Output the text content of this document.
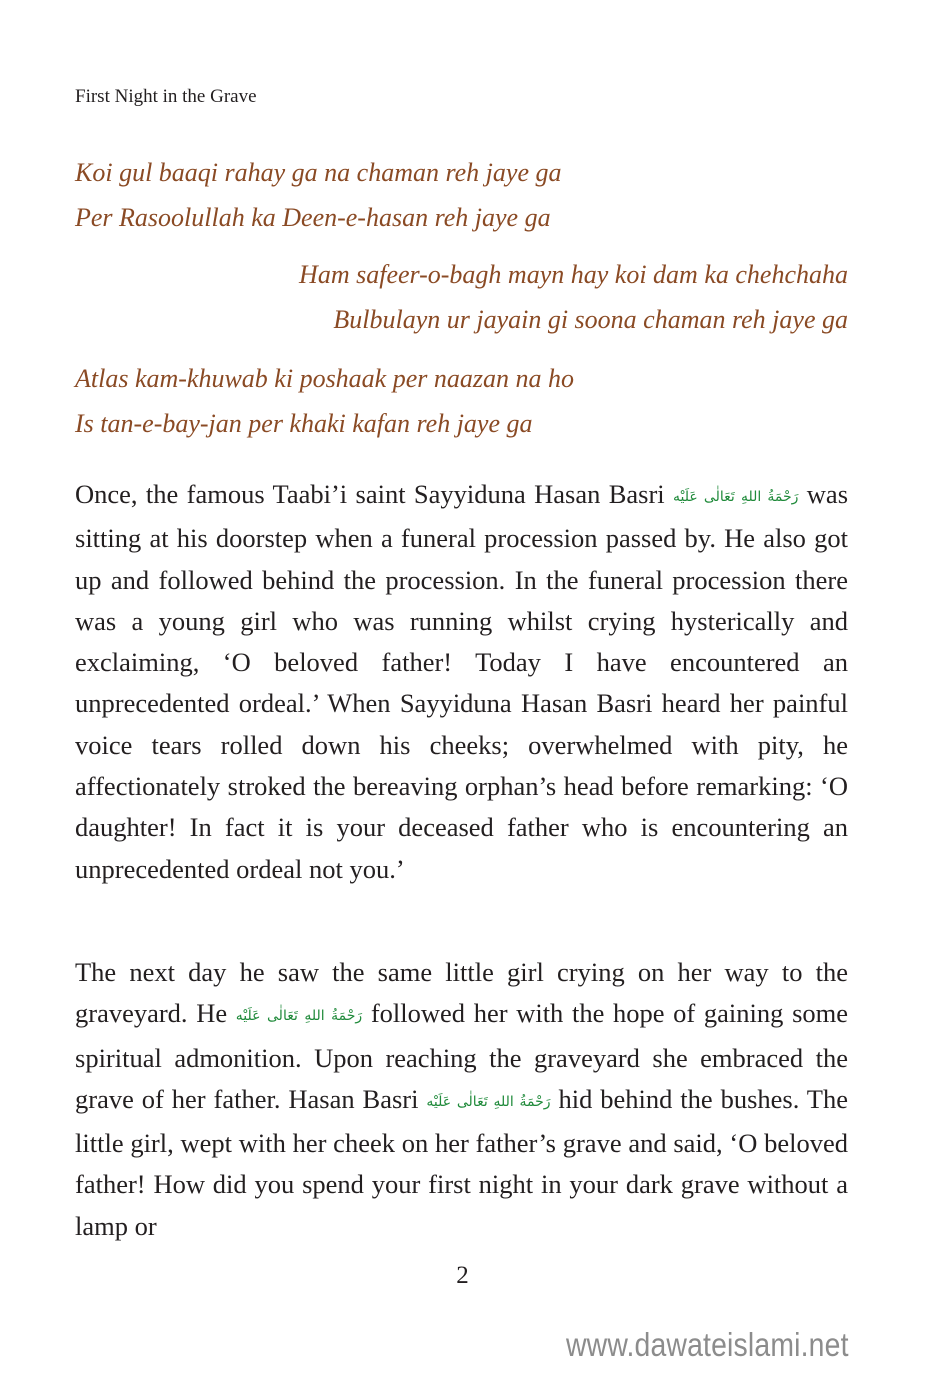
First Night in the Grave
Koi gul baaqi rahay ga na chaman reh jaye ga
Per Rasoolullah ka Deen-e-hasan reh jaye ga
Ham safeer-o-bagh mayn hay koi dam ka chehchaha
Bulbulayn ur jayain gi soona chaman reh jaye ga
Atlas kam-khuwab ki poshaak per naazan na ho
Is tan-e-bay-jan per khaki kafan reh jaye ga

Once, the famous Taabi’i saint Sayyiduna Hasan Basri رَحْمَةُ اللهِ تَعَالٰى عَلَيْه was sitting at his doorstep when a funeral procession passed by. He also got up and followed behind the procession. In the funeral procession there was a young girl who was running whilst crying hysterically and exclaiming, ‘O beloved father! Today I have encountered an unprecedented ordeal.’ When Sayyiduna Hasan Basri heard her painful voice tears rolled down his cheeks; overwhelmed with pity, he affectionately stroked the bereaving orphan’s head before remarking: ‘O daughter! In fact it is your deceased father who is encountering an unprecedented ordeal not you.’

The next day he saw the same little girl crying on her way to the graveyard. He رَحْمَةُ اللهِ تَعَالٰى عَلَيْه followed her with the hope of gaining some spiritual admonition. Upon reaching the graveyard she embraced the grave of her father. Hasan Basri رَحْمَةُ اللهِ تَعَالٰى عَلَيْه hid behind the bushes. The little girl, wept with her cheek on her father’s grave and said, ‘O beloved father! How did you spend your first night in your dark grave without a lamp or

2
www.dawateislami.net
